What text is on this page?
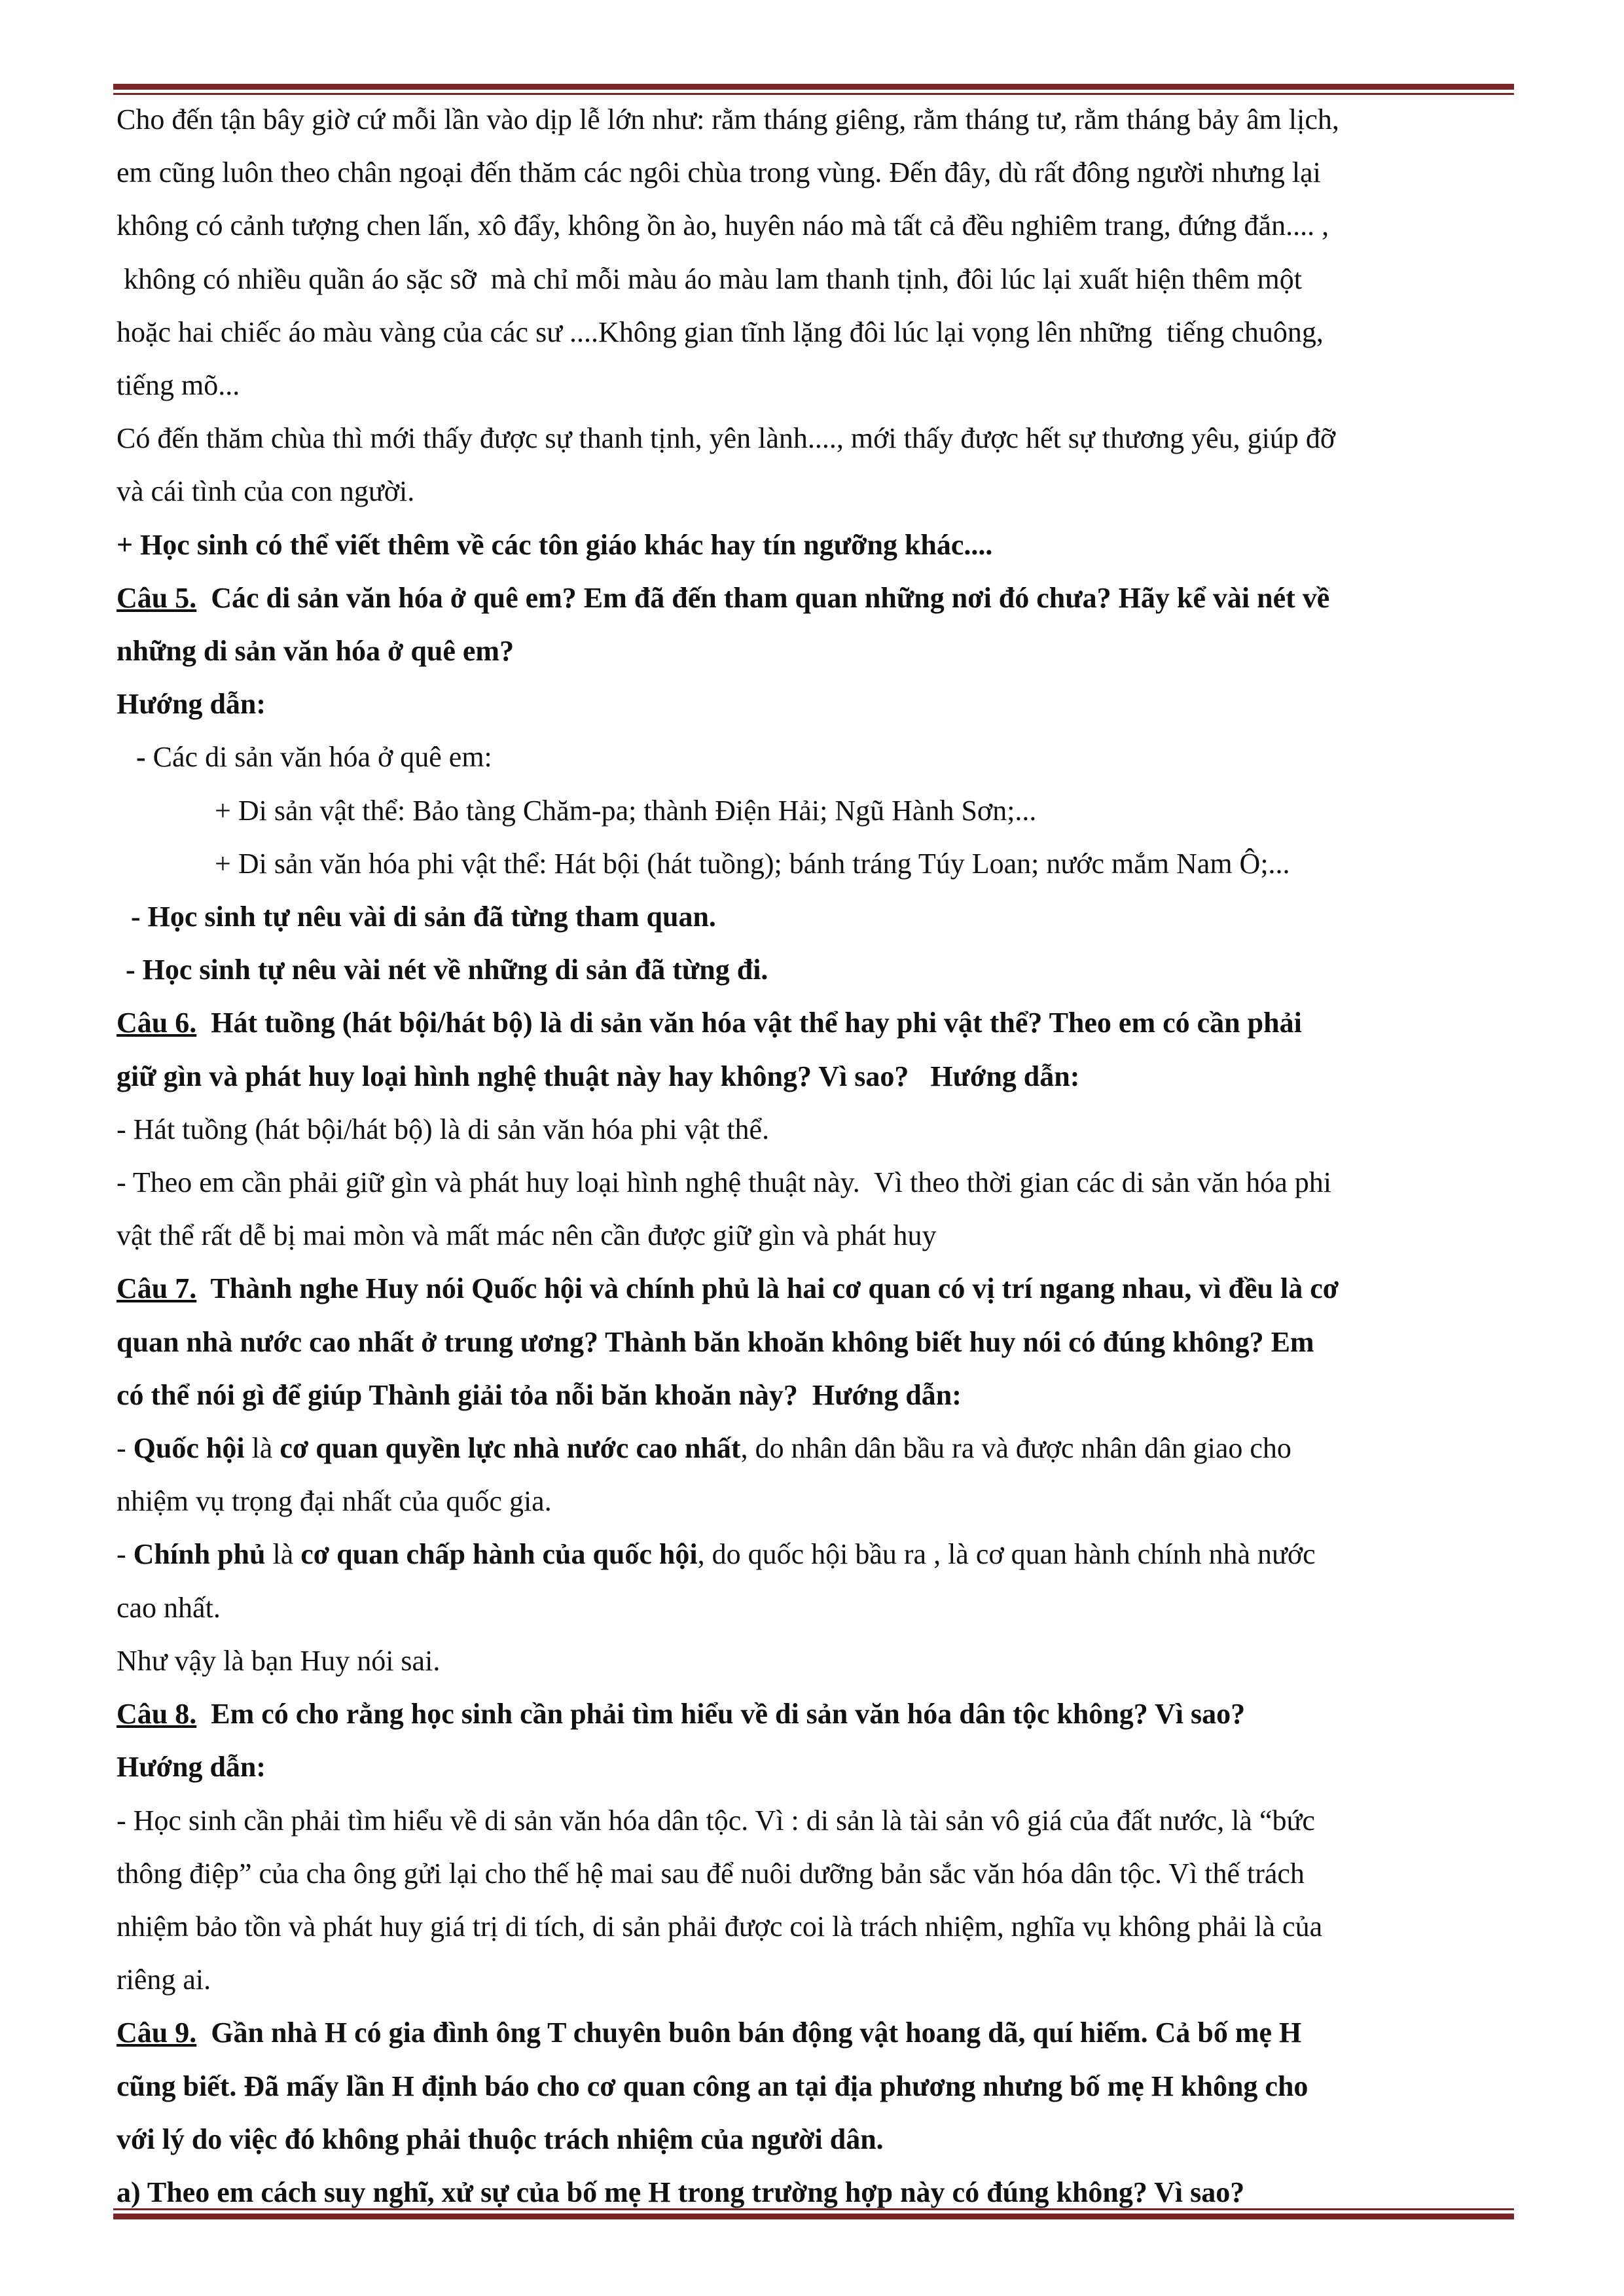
Cho đến tận bây giờ cứ mỗi lần vào dịp lễ lớn như: rằm tháng giêng, rằm tháng tư, rằm tháng bảy âm lịch,

em cũng luôn theo chân ngoại đến thăm các ngôi chùa trong vùng. Đến đây, dù rất đông người nhưng lại

không có cảnh tượng chen lấn, xô đẩy, không ồn ào, huyên náo mà tất cả đều nghiêm trang, đứng đắn.... ,

không có nhiều quần áo sặc sỡ  mà chỉ mỗi màu áo màu lam thanh tịnh, đôi lúc lại xuất hiện thêm một

hoặc hai chiếc áo màu vàng của các sư ....Không gian tĩnh lặng đôi lúc lại vọng lên những  tiếng chuông,

tiếng mõ...

Có đến thăm chùa thì mới thấy được sự thanh tịnh, yên lành...., mới thấy được hết sự thương yêu, giúp đỡ

và cái tình của con người.

+ Học sinh có thể viết thêm về các tôn giáo khác hay tín ngưỡng khác....

Câu 5.  Các di sản văn hóa ở quê em? Em đã đến tham quan những nơi đó chưa? Hãy kể vài nét về

những di sản văn hóa ở quê em?

Hướng dẫn:

- Các di sản văn hóa ở quê em:

+ Di sản vật thể: Bảo tàng Chăm-pa; thành Điện Hải; Ngũ Hành Sơn;...

+ Di sản văn hóa phi vật thể: Hát bội (hát tuồng); bánh tráng Túy Loan; nước mắm Nam Ô;...

- Học sinh tự nêu vài di sản đã từng tham quan.

- Học sinh tự nêu vài nét về những di sản đã từng đi.

Câu 6.  Hát tuồng (hát bội/hát bộ) là di sản văn hóa vật thể hay phi vật thể? Theo em có cần phải

giữ gìn và phát huy loại hình nghệ thuật này hay không? Vì sao?   Hướng dẫn:

- Hát tuồng (hát bội/hát bộ) là di sản văn hóa phi vật thể.

- Theo em cần phải giữ gìn và phát huy loại hình nghệ thuật này.  Vì theo thời gian các di sản văn hóa phi

vật thể rất dễ bị mai mòn và mất mác nên cần được giữ gìn và phát huy

Câu 7.  Thành nghe Huy nói Quốc hội và chính phủ là hai cơ quan có vị trí ngang nhau, vì đều là cơ

quan nhà nước cao nhất ở trung ương? Thành băn khoăn không biết huy nói có đúng không? Em

có thể nói gì để giúp Thành giải tỏa nỗi băn khoăn này?  Hướng dẫn:

- Quốc hội là cơ quan quyền lực nhà nước cao nhất, do nhân dân bầu ra và được nhân dân giao cho

nhiệm vụ trọng đại nhất của quốc gia.

- Chính phủ là cơ quan chấp hành của quốc hội, do quốc hội bầu ra , là cơ quan hành chính nhà nước

cao nhất.

Như vậy là bạn Huy nói sai.

Câu 8.  Em có cho rằng học sinh cần phải tìm hiểu về di sản văn hóa dân tộc không? Vì sao?

Hướng dẫn:

- Học sinh cần phải tìm hiểu về di sản văn hóa dân tộc. Vì : di sản là tài sản vô giá của đất nước, là “bức

thông điệp” của cha ông gửi lại cho thế hệ mai sau để nuôi dưỡng bản sắc văn hóa dân tộc. Vì thế trách

nhiệm bảo tồn và phát huy giá trị di tích, di sản phải được coi là trách nhiệm, nghĩa vụ không phải là của

riêng ai.

Câu 9.  Gần nhà H có gia đình ông T chuyên buôn bán động vật hoang dã, quí hiếm. Cả bố mẹ H

cũng biết. Đã mấy lần H định báo cho cơ quan công an tại địa phương nhưng bố mẹ H không cho

với lý do việc đó không phải thuộc trách nhiệm của người dân.

a) Theo em cách suy nghĩ, xử sự của bố mẹ H trong trường hợp này có đúng không? Vì sao?
